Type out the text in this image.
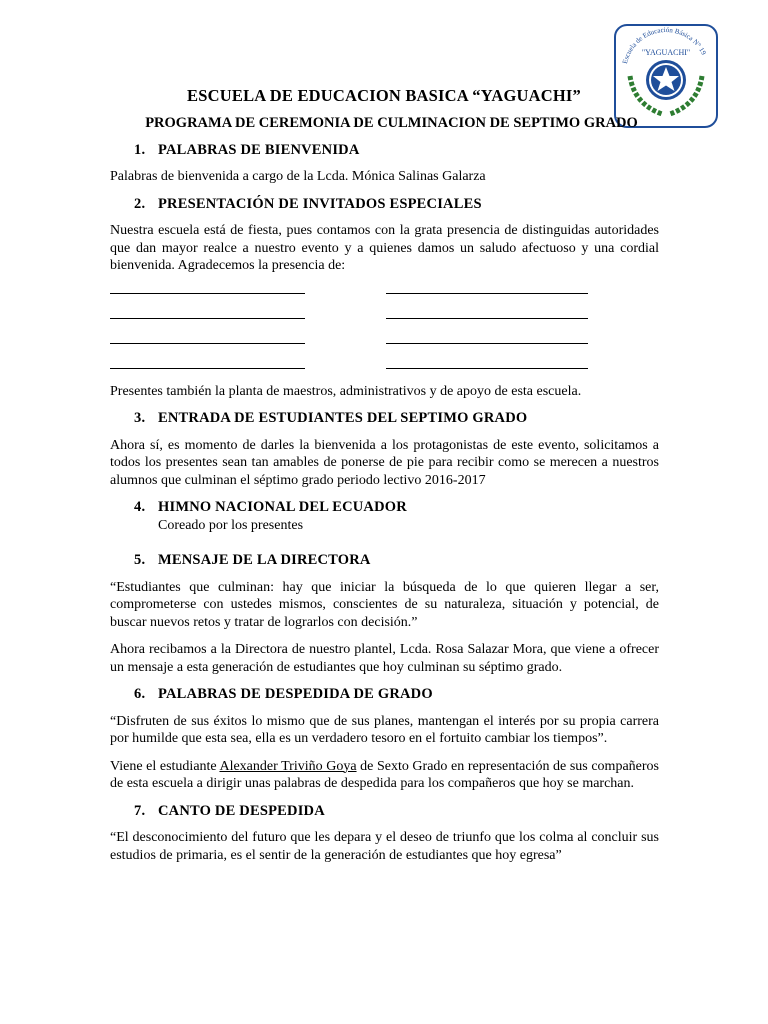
Escuela de Educación Básica N° 19
"YAGUACHI"
ESCUELA DE EDUCACION BASICA “YAGUACHI”
PROGRAMA DE CEREMONIA DE CULMINACION DE SEPTIMO GRADO
1. PALABRAS DE BIENVENIDA

Palabras de bienvenida a cargo de la Lcda. Mónica Salinas Galarza

2. PRESENTACIÓN DE INVITADOS ESPECIALES

Nuestra escuela está de fiesta, pues contamos con la grata presencia de distinguidas autoridades que dan mayor realce a nuestro evento y a quienes damos un saludo afectuoso y una cordial bienvenida. Agradecemos la presencia de:

Presentes también la planta de maestros, administrativos y de apoyo de esta escuela.

3. ENTRADA DE ESTUDIANTES DEL SEPTIMO GRADO

Ahora sí, es momento de darles la bienvenida a los protagonistas de este evento, solicitamos a todos los presentes sean tan amables de ponerse de pie para recibir como se merecen a nuestros alumnos que culminan el séptimo grado periodo lectivo 2016-2017

4. HIMNO NACIONAL DEL ECUADOR

Coreado por los presentes

5. MENSAJE DE LA DIRECTORA

“Estudiantes que culminan: hay que iniciar la búsqueda de lo que quieren llegar a ser, comprometerse con ustedes mismos, conscientes de su naturaleza, situación y potencial, de buscar nuevos retos y tratar de lograrlos con decisión.”

Ahora recibamos a la Directora de nuestro plantel, Lcda. Rosa Salazar Mora, que viene a ofrecer un mensaje a esta generación de estudiantes que hoy culminan su séptimo grado.

6. PALABRAS DE DESPEDIDA DE GRADO

“Disfruten de sus éxitos lo mismo que de sus planes, mantengan el interés por su propia carrera por humilde que esta sea, ella es un verdadero tesoro en el fortuito cambiar los tiempos”.

Viene el estudiante Alexander Triviño Goya de Sexto Grado en representación de sus compañeros de esta escuela a dirigir unas palabras de despedida para los compañeros que hoy se marchan.

7. CANTO DE DESPEDIDA

“El desconocimiento del futuro que les depara y el deseo de triunfo que los colma al concluir sus estudios de primaria, es el sentir de la generación de estudiantes que hoy egresa”
